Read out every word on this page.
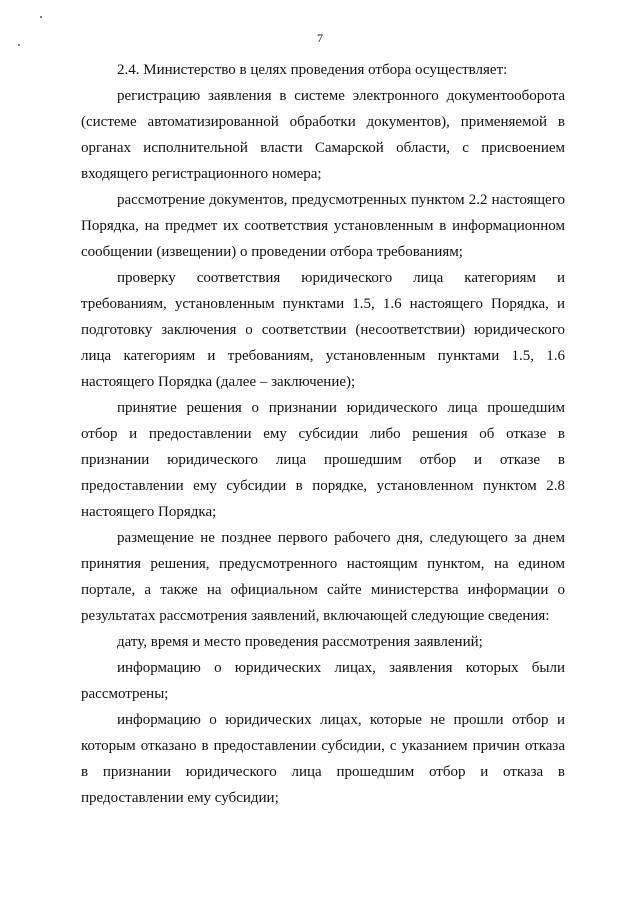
7

2.4. Министерство в целях проведения отбора осуществляет:

регистрацию заявления в системе электронного документооборота (системе автоматизированной обработки документов), применяемой в органах исполнительной власти Самарской области, с присвоением входящего регистрационного номера;

рассмотрение документов, предусмотренных пунктом 2.2 настоящего Порядка, на предмет их соответствия установленным в информационном сообщении (извещении) о проведении отбора требованиям;

проверку соответствия юридического лица категориям и требованиям, установленным пунктами 1.5, 1.6 настоящего Порядка, и подготовку заключения о соответствии (несоответствии) юридического лица категориям и требованиям, установленным пунктами 1.5, 1.6 настоящего Порядка (далее – заключение);

принятие решения о признании юридического лица прошедшим отбор и предоставлении ему субсидии либо решения об отказе в признании юридического лица прошедшим отбор и отказе в предоставлении ему субсидии в порядке, установленном пунктом 2.8 настоящего Порядка;

размещение не позднее первого рабочего дня, следующего за днем принятия решения, предусмотренного настоящим пунктом, на едином портале, а также на официальном сайте министерства информации о результатах рассмотрения заявлений, включающей следующие сведения:

дату, время и место проведения рассмотрения заявлений;

информацию о юридических лицах, заявления которых были рассмотрены;

информацию о юридических лицах, которые не прошли отбор и которым отказано в предоставлении субсидии, с указанием причин отказа в признании юридического лица прошедшим отбор и отказа в предоставлении ему субсидии;
